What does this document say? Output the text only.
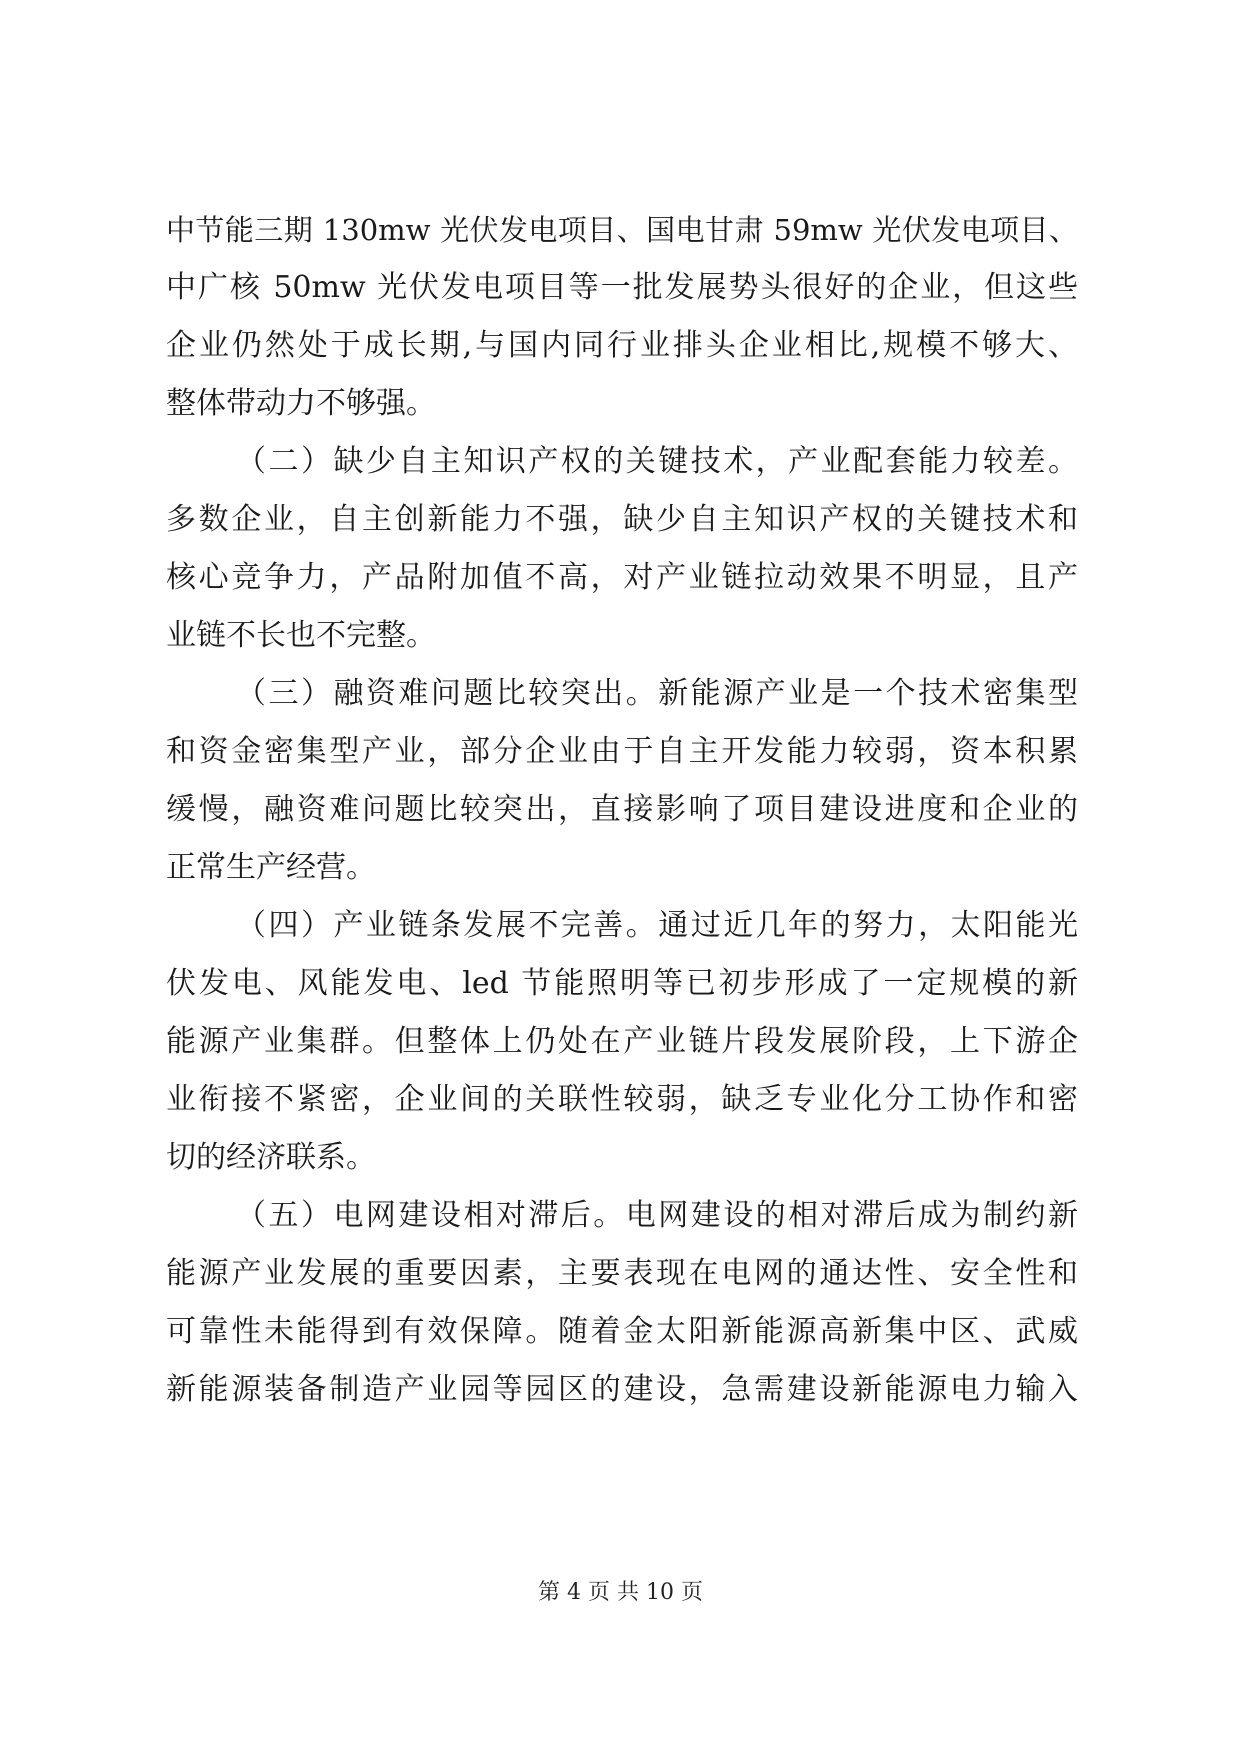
中节能三期 130mw 光伏发电项目、国电甘肃 59mw 光伏发电项目、
中广核 50mw 光伏发电项目等一批发展势头很好的企业，但这些
企业仍然处于成长期,与国内同行业排头企业相比,规模不够大、
整体带动力不够强。
（二）缺少自主知识产权的关键技术，产业配套能力较差。
多数企业，自主创新能力不强，缺少自主知识产权的关键技术和
核心竞争力，产品附加值不高，对产业链拉动效果不明显，且产
业链不长也不完整。
（三）融资难问题比较突出。新能源产业是一个技术密集型
和资金密集型产业，部分企业由于自主开发能力较弱，资本积累
缓慢，融资难问题比较突出，直接影响了项目建设进度和企业的
正常生产经营。
（四）产业链条发展不完善。通过近几年的努力，太阳能光
伏发电、风能发电、led 节能照明等已初步形成了一定规模的新
能源产业集群。但整体上仍处在产业链片段发展阶段，上下游企
业衔接不紧密，企业间的关联性较弱，缺乏专业化分工协作和密
切的经济联系。
（五）电网建设相对滞后。电网建设的相对滞后成为制约新
能源产业发展的重要因素，主要表现在电网的通达性、安全性和
可靠性未能得到有效保障。随着金太阳新能源高新集中区、武威
新能源装备制造产业园等园区的建设，急需建设新能源电力输入
第 4 页 共 10 页
